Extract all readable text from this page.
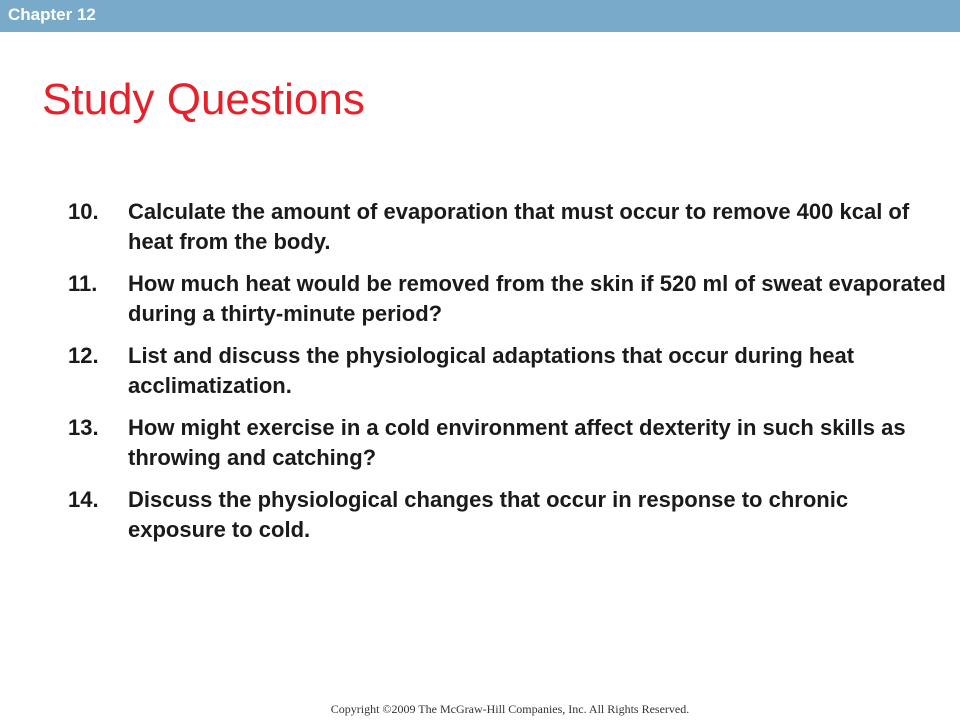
Chapter 12
Study Questions
10.	Calculate the amount of evaporation that must occur to remove 400 kcal of heat from the body.
11.	How much heat would be removed from the skin if 520 ml of sweat evaporated during a thirty-minute period?
12.	List and discuss the physiological adaptations that occur during heat acclimatization.
13.	How might exercise in a cold environment affect dexterity in such skills as throwing and catching?
14.	Discuss the physiological changes that occur in response to chronic exposure to cold.
Copyright ©2009 The McGraw-Hill Companies, Inc. All Rights Reserved.
